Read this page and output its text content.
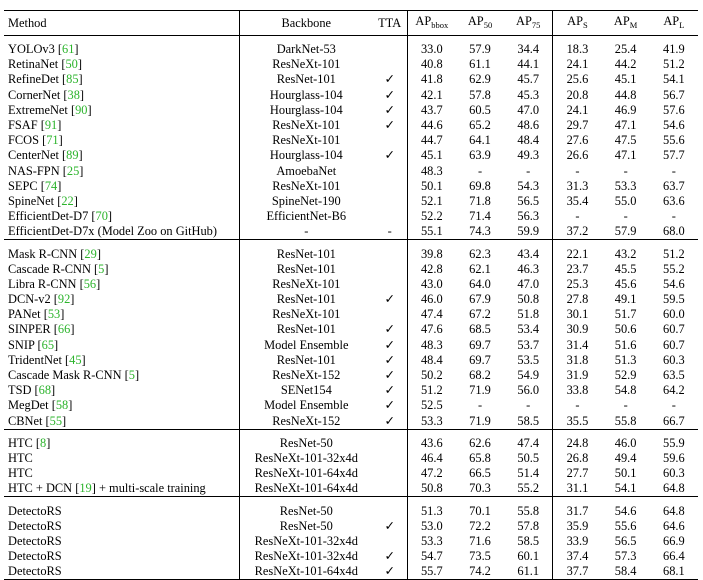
Method	Backbone	TTA	$AP_{bbox}$	$AP_{50}$	$AP_{75}$	$AP_S$	$AP_M$	$AP_L$
YOLOv3 [61]	DarkNet-53		33.0	57.9	34.4	18.3	25.4	41.9
RetinaNet [50]	ResNeXt-101		40.8	61.1	44.1	24.1	44.2	51.2
RefineDet [85]	ResNet-101	✓	41.8	62.9	45.7	25.6	45.1	54.1
CornerNet [38]	Hourglass-104	✓	42.1	57.8	45.3	20.8	44.8	56.7
ExtremeNet [90]	Hourglass-104	✓	43.7	60.5	47.0	24.1	46.9	57.6
FSAF [91]	ResNeXt-101	✓	44.6	65.2	48.6	29.7	47.1	54.6
FCOS [71]	ResNeXt-101		44.7	64.1	48.4	27.6	47.5	55.6
CenterNet [89]	Hourglass-104	✓	45.1	63.9	49.3	26.6	47.1	57.7
NAS-FPN [25]	AmoebaNet		48.3	-	-	-	-	-
SEPC [74]	ResNeXt-101		50.1	69.8	54.3	31.3	53.3	63.7
SpineNet [22]	SpineNet-190		52.1	71.8	56.5	35.4	55.0	63.6
EfficientDet-D7 [70]	EfficientNet-B6		52.2	71.4	56.3	-	-	-
EfficientDet-D7x (Model Zoo on GitHub)	-	-	55.1	74.3	59.9	37.2	57.9	68.0
Mask R-CNN [29]	ResNet-101		39.8	62.3	43.4	22.1	43.2	51.2
Cascade R-CNN [5]	ResNet-101		42.8	62.1	46.3	23.7	45.5	55.2
Libra R-CNN [56]	ResNeXt-101		43.0	64.0	47.0	25.3	45.6	54.6
DCN-v2 [92]	ResNet-101	✓	46.0	67.9	50.8	27.8	49.1	59.5
PANet [53]	ResNeXt-101		47.4	67.2	51.8	30.1	51.7	60.0
SINPER [66]	ResNet-101	✓	47.6	68.5	53.4	30.9	50.6	60.7
SNIP [65]	Model Ensemble	✓	48.3	69.7	53.7	31.4	51.6	60.7
TridentNet [45]	ResNet-101	✓	48.4	69.7	53.5	31.8	51.3	60.3
Cascade Mask R-CNN [5]	ResNeXt-152	✓	50.2	68.2	54.9	31.9	52.9	63.5
TSD [68]	SENet154	✓	51.2	71.9	56.0	33.8	54.8	64.2
MegDet [58]	Model Ensemble	✓	52.5	-	-	-	-	-
CBNet [55]	ResNeXt-152	✓	53.3	71.9	58.5	35.5	55.8	66.7
HTC [8]	ResNet-50		43.6	62.6	47.4	24.8	46.0	55.9
HTC	ResNeXt-101-32x4d		46.4	65.8	50.5	26.8	49.4	59.6
HTC	ResNeXt-101-64x4d		47.2	66.5	51.4	27.7	50.1	60.3
HTC + DCN [19] + multi-scale training	ResNeXt-101-64x4d		50.8	70.3	55.2	31.1	54.1	64.8
DetectoRS	ResNet-50		51.3	70.1	55.8	31.7	54.6	64.8
DetectoRS	ResNet-50	✓	53.0	72.2	57.8	35.9	55.6	64.6
DetectoRS	ResNeXt-101-32x4d		53.3	71.6	58.5	33.9	56.5	66.9
DetectoRS	ResNeXt-101-32x4d	✓	54.7	73.5	60.1	37.4	57.3	66.4
DetectoRS	ResNeXt-101-64x4d	✓	55.7	74.2	61.1	37.7	58.4	68.1
